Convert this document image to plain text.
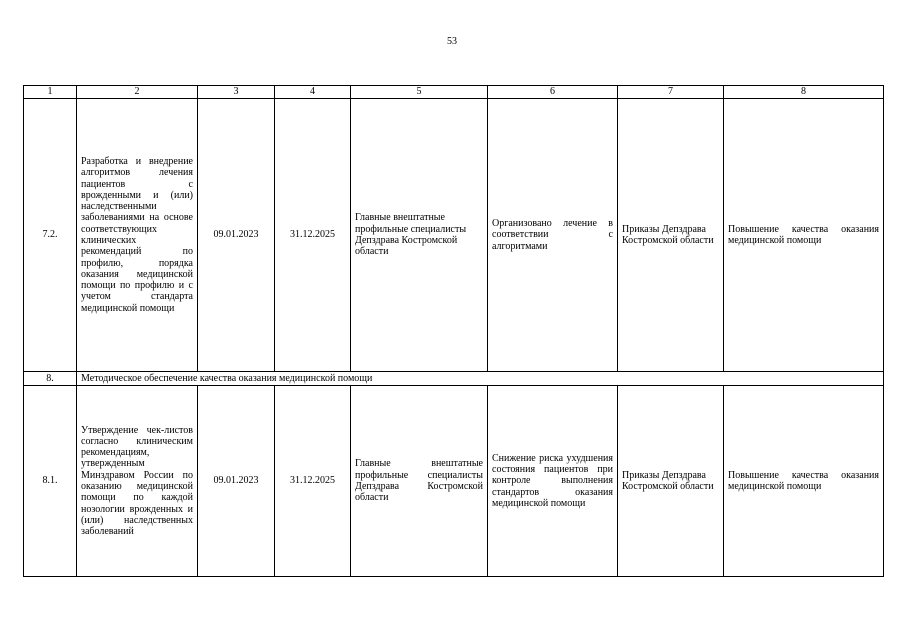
53
1	2	3	4	5	6	7	8
7.2.	Разработка и внедрение алгоритмов лечения пациентов с врожденными и (или) наследственными заболеваниями на основе соответствующих клинических рекомендаций по профилю, порядка оказания медицинской помощи по профилю и с учетом стандарта медицинской помощи	09.01.2023	31.12.2025	Главные внештатные профильные специалисты Депздрава Костромской области	Организовано лечение в соответствии с алгоритмами	Приказы Депздрава Костромской области	Повышение качества оказания медицинской помощи
8.	Методическое обеспечение качества оказания медицинской помощи						
8.1.	Утверждение чек-листов согласно клиническим рекомендациям, утвержденным Минздравом России по оказанию медицинской помощи по каждой нозологии врожденных и (или) наследственных заболеваний	09.01.2023	31.12.2025	Главные внештатные профильные специалисты Депздрава Костромской области	Снижение риска ухудшения состояния пациентов при контроле выполнения стандартов оказания медицинской помощи	Приказы Депздрава Костромской области	Повышение качества оказания медицинской помощи
